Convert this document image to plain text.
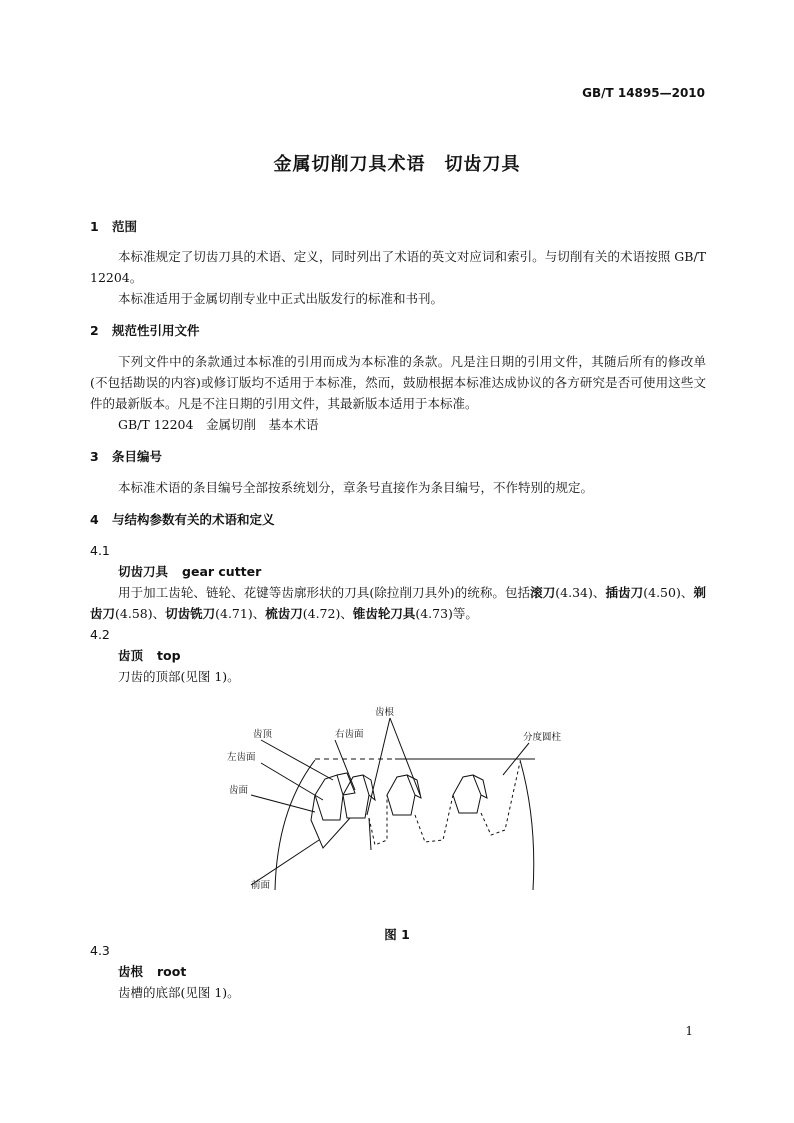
GB/T 14895—2010
金属切削刀具术语　切齿刀具
1 范围
本标准规定了切齿刀具的术语、定义，同时列出了术语的英文对应词和索引。与切削有关的术语按照 GB/T 12204。
本标准适用于金属切削专业中正式出版发行的标准和书刊。
2 规范性引用文件
下列文件中的条款通过本标准的引用而成为本标准的条款。凡是注日期的引用文件，其随后所有的修改单(不包括勘误的内容)或修订版均不适用于本标准，然而，鼓励根据本标准达成协议的各方研究是否可使用这些文件的最新版本。凡是不注日期的引用文件，其最新版本适用于本标准。
GB/T 12204　金属切削　基本术语
3 条目编号
本标准术语的条目编号全部按系统划分，章条号直接作为条目编号，不作特别的规定。
4 与结构参数有关的术语和定义
4.1
切齿刀具 gear cutter
用于加工齿轮、链轮、花键等齿廓形状的刀具(除拉削刀具外)的统称。包括滚刀(4.34)、插齿刀(4.50)、剃齿刀(4.58)、切齿铣刀(4.71)、梳齿刀(4.72)、锥齿轮刀具(4.73)等。
4.2
齿顶 top
刀齿的顶部(见图 1)。
齿根
齿顶	右齿面
左齿面
齿面
分度圆柱
前面
图 1
4.3
齿根 root
齿槽的底部(见图 1)。
1
